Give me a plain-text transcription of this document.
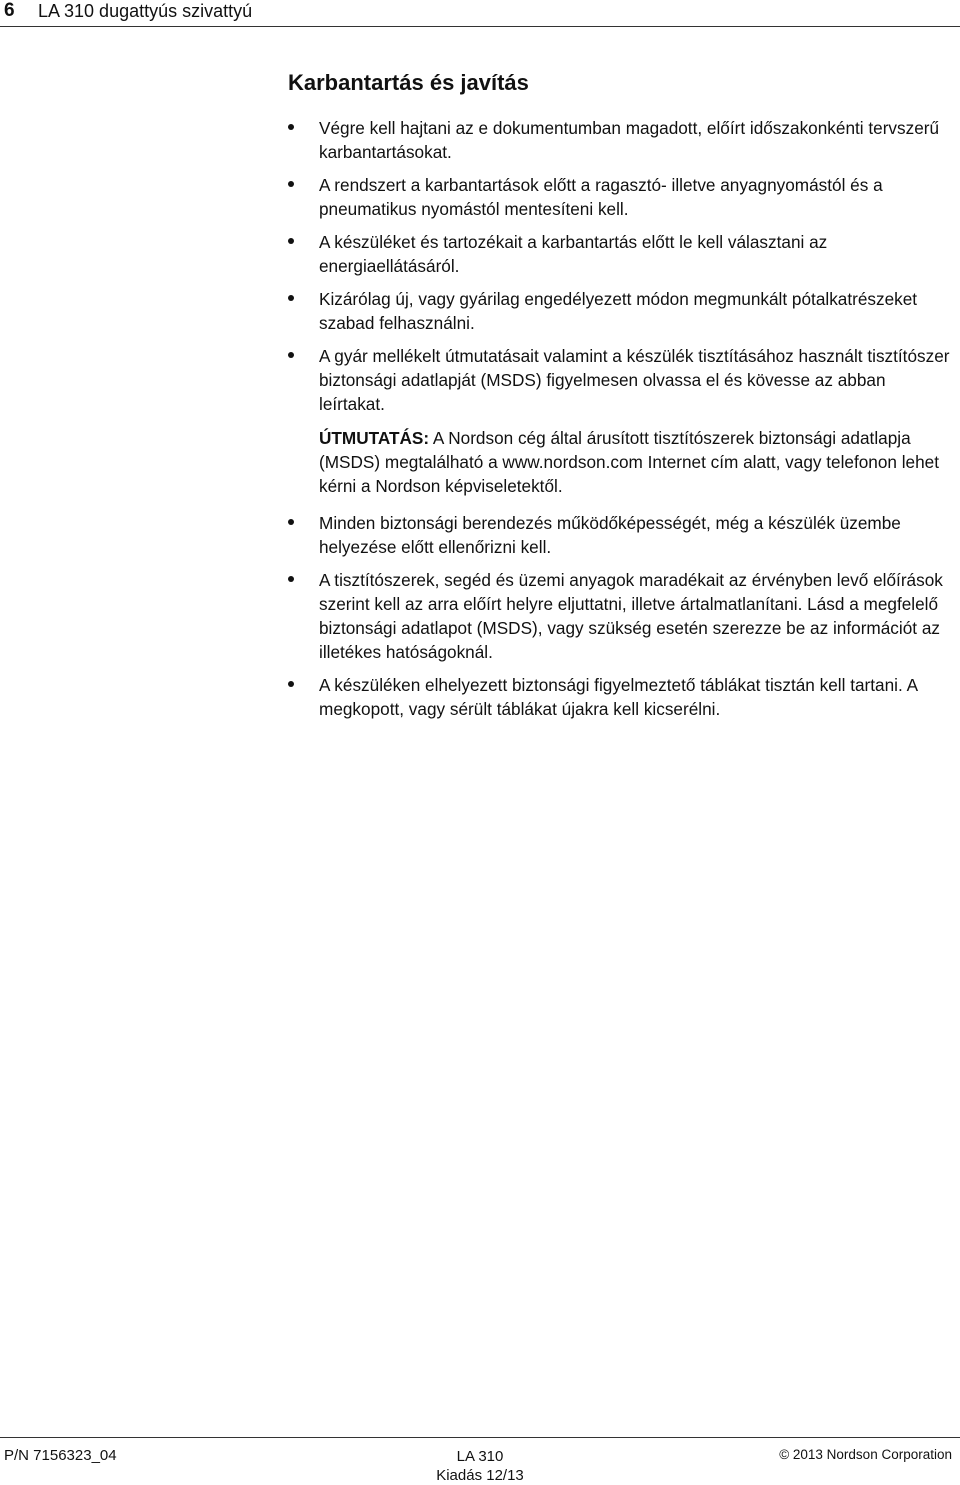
6 LA 310 dugattyús szivattyú
Karbantartás és javítás
Végre kell hajtani az e dokumentumban magadott, előírt időszakonkénti tervszerű karbantartásokat.
A rendszert a karbantartások előtt a ragasztó- illetve anyagnyomástól és a pneumatikus nyomástól mentesíteni kell.
A készüléket és tartozékait a karbantartás előtt le kell választani az energiaellátásáról.
Kizárólag új, vagy gyárilag engedélyezett módon megmunkált pótalkatrészeket szabad felhasználni.
A gyár mellékelt útmutatásait valamint a készülék tisztításához használt tisztítószer biztonsági adatlapját (MSDS) figyelmesen olvassa el és kövesse az abban leírtakat.
ÚTMUTATÁS: A Nordson cég által árusított tisztítószerek biztonsági adatlapja (MSDS) megtalálható a www.nordson.com Internet cím alatt, vagy telefonon lehet kérni a Nordson képviseletektől.
Minden biztonsági berendezés működőképességét, még a készülék üzembe helyezése előtt ellenőrizni kell.
A tisztítószerek, segéd és üzemi anyagok maradékait az érvényben levő előírások szerint kell az arra előírt helyre eljuttatni, illetve ártalmatlanítani. Lásd a megfelelő biztonsági adatlapot (MSDS), vagy szükség esetén szerezze be az információt az illetékes hatóságoknál.
A készüléken elhelyezett biztonsági figyelmeztető táblákat tisztán kell tartani. A megkopott, vagy sérült táblákat újakra kell kicserélni.
P/N 7156323_04	LA 310
Kiadás 12/13
© 2013 Nordson Corporation
